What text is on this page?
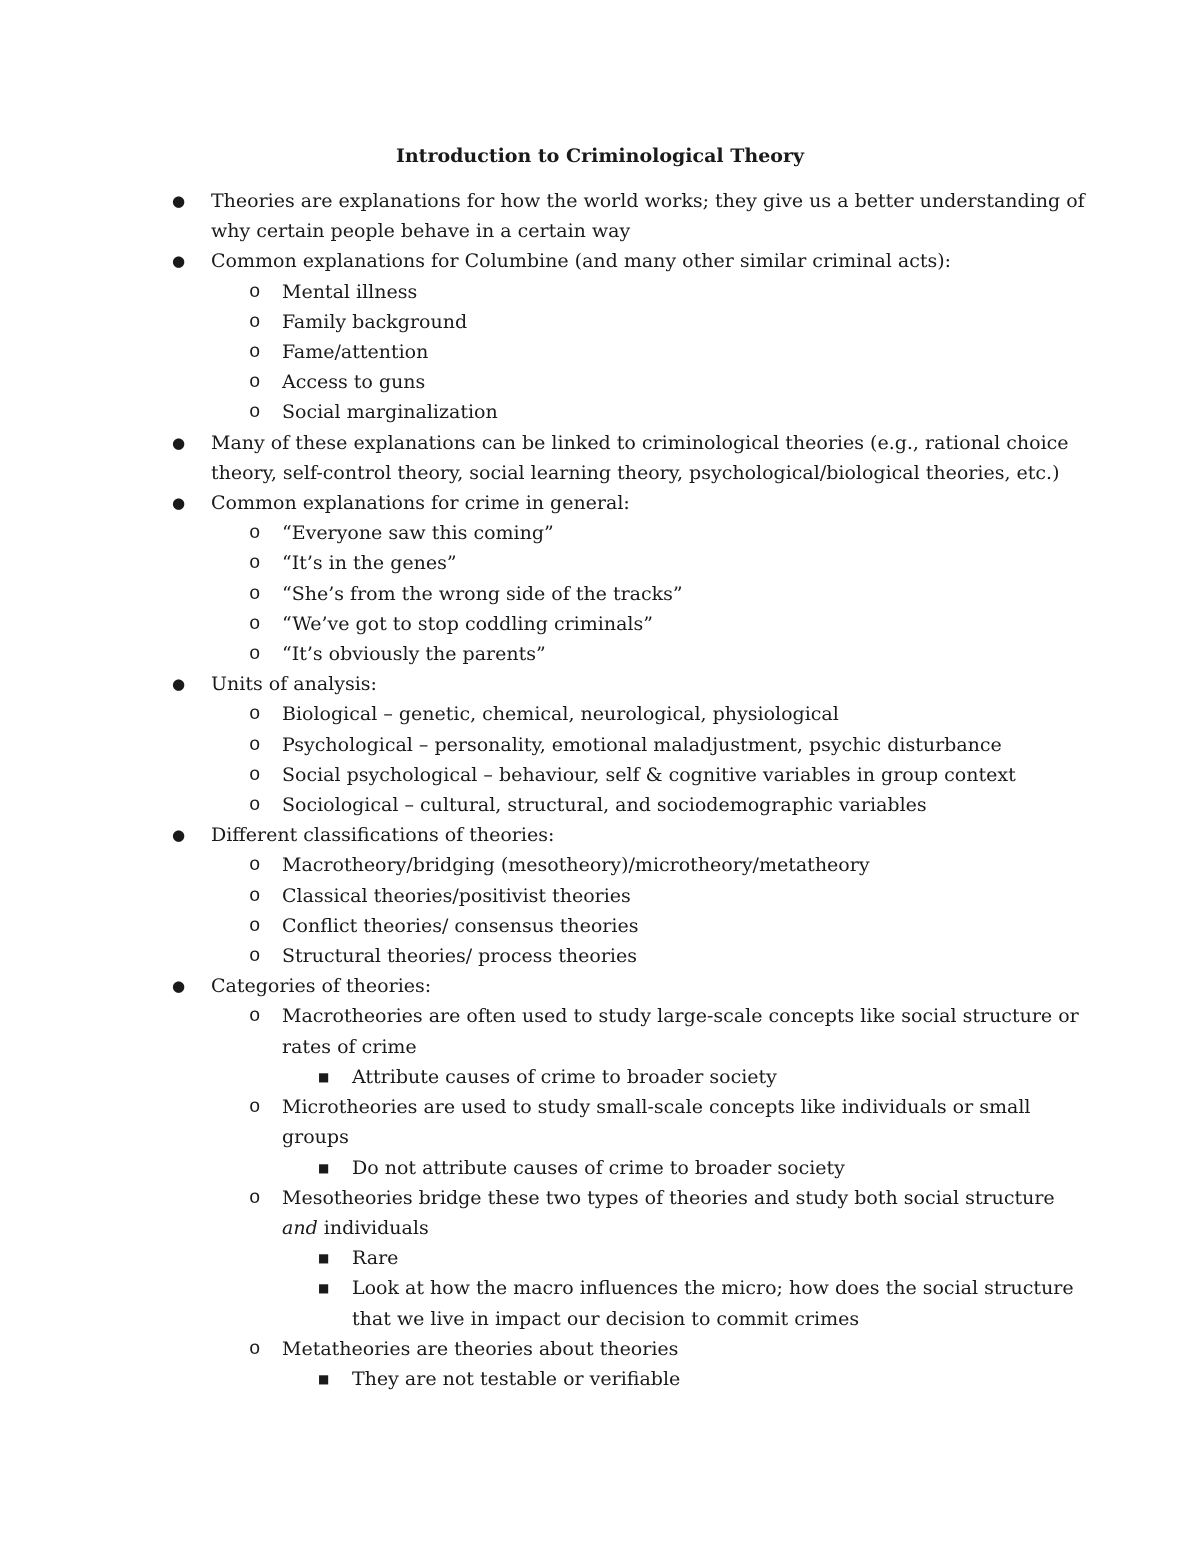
Introduction to Criminological Theory
● Theories are explanations for how the world works; they give us a better understanding of
why certain people behave in a certain way
● Common explanations for Columbine (and many other similar criminal acts):
o Mental illness
o Family background
o Fame/attention
o Access to guns
o Social marginalization
● Many of these explanations can be linked to criminological theories (e.g., rational choice
theory, self-control theory, social learning theory, psychological/biological theories, etc.)
● Common explanations for crime in general:
o “Everyone saw this coming”
o “It’s in the genes”
o “She’s from the wrong side of the tracks”
o “We’ve got to stop coddling criminals”
o “It’s obviously the parents”
● Units of analysis:
o Biological – genetic, chemical, neurological, physiological
o Psychological – personality, emotional maladjustment, psychic disturbance
o Social psychological – behaviour, self & cognitive variables in group context
o Sociological – cultural, structural, and sociodemographic variables
● Different classifications of theories:
o Macrotheory/bridging (mesotheory)/microtheory/metatheory
o Classical theories/positivist theories
o Conflict theories/ consensus theories
o Structural theories/ process theories
● Categories of theories:
o Macrotheories are often used to study large-scale concepts like social structure or
rates of crime
■ Attribute causes of crime to broader society
o Microtheories are used to study small-scale concepts like individuals or small
groups
■ Do not attribute causes of crime to broader society
o Mesotheories bridge these two types of theories and study both social structure
and individuals
■ Rare
■ Look at how the macro influences the micro; how does the social structure
that we live in impact our decision to commit crimes
o Metatheories are theories about theories
■ They are not testable or verifiable
